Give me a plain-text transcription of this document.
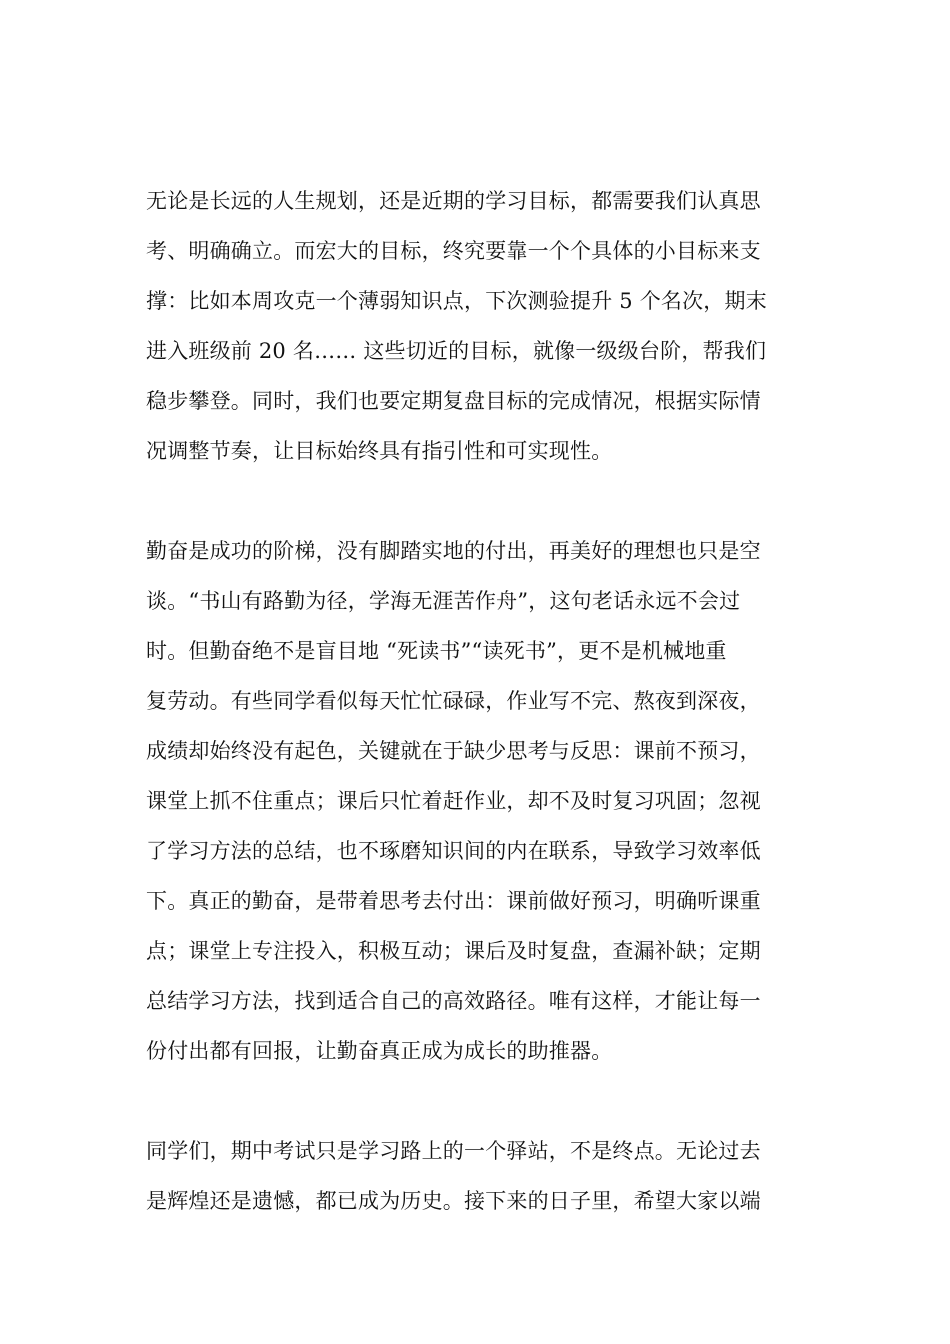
无论是长远的人生规划，还是近期的学习目标，都需要我们认真思
考、明确确立。而宏大的目标，终究要靠一个个具体的小目标来支
撑：比如本周攻克一个薄弱知识点，下次测验提升 5 个名次，期末
进入班级前 20 名…… 这些切近的目标，就像一级级台阶，帮我们
稳步攀登。同时，我们也要定期复盘目标的完成情况，根据实际情
况调整节奏，让目标始终具有指引性和可实现性。
勤奋是成功的阶梯，没有脚踏实地的付出，再美好的理想也只是空
谈。“书山有路勤为径，学海无涯苦作舟”，这句老话永远不会过
时。但勤奋绝不是盲目地 “死读书”“读死书”，更不是机械地重
复劳动。有些同学看似每天忙忙碌碌，作业写不完、熬夜到深夜，
成绩却始终没有起色，关键就在于缺少思考与反思：课前不预习，
课堂上抓不住重点；课后只忙着赶作业，却不及时复习巩固；忽视
了学习方法的总结，也不琢磨知识间的内在联系，导致学习效率低
下。真正的勤奋，是带着思考去付出：课前做好预习，明确听课重
点；课堂上专注投入，积极互动；课后及时复盘，查漏补缺；定期
总结学习方法，找到适合自己的高效路径。唯有这样，才能让每一
份付出都有回报，让勤奋真正成为成长的助推器。
同学们，期中考试只是学习路上的一个驿站，不是终点。无论过去
是辉煌还是遗憾，都已成为历史。接下来的日子里，希望大家以端
